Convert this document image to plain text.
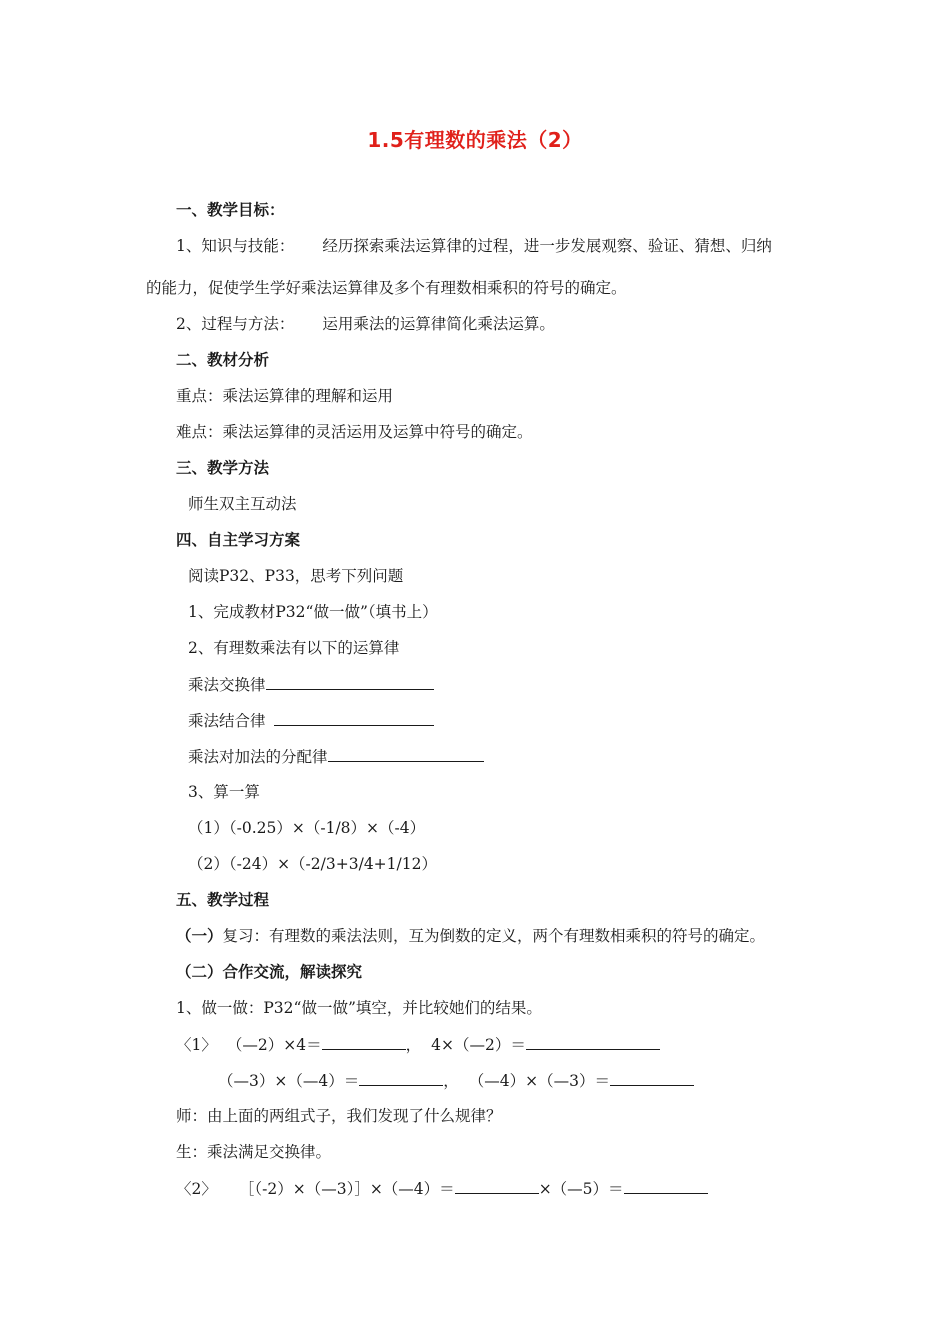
1.5有理数的乘法（2）
一、教学目标：
1、知识与技能： 经历探索乘法运算律的过程，进一步发展观察、验证、猜想、归纳
的能力，促使学生学好乘法运算律及多个有理数相乘积的符号的确定。
2、过程与方法： 运用乘法的运算律简化乘法运算。
二、教材分析
重点：乘法运算律的理解和运用
难点：乘法运算律的灵活运用及运算中符号的确定。
三、教学方法
师生双主互动法
四、自主学习方案
阅读P32、P33，思考下列问题
1、完成教材P32“做一做”（填书上）
2、有理数乘法有以下的运算律
乘法交换律
乘法结合律
乘法对加法的分配律
3、算一算
（1）（-0.25）×（-1/8）×（-4）
（2）（-24）×（-2/3+3/4+1/12）
五、教学过程
（一）复习：有理数的乘法法则，互为倒数的定义，两个有理数相乘积的符号的确定。
（二）合作交流，解读探究
1、做一做：P32“做一做”填空，并比较她们的结果。
〈1〉 （—2）×4＝	， 4×（—2）＝
（—3）×（—4）＝	， （—4）×（—3）＝
师：由上面的两组式子，我们发现了什么规律？
生：乘法满足交换律。
〈2〉 ［（-2）×（—3）］×（—4）＝	×（—5）＝
